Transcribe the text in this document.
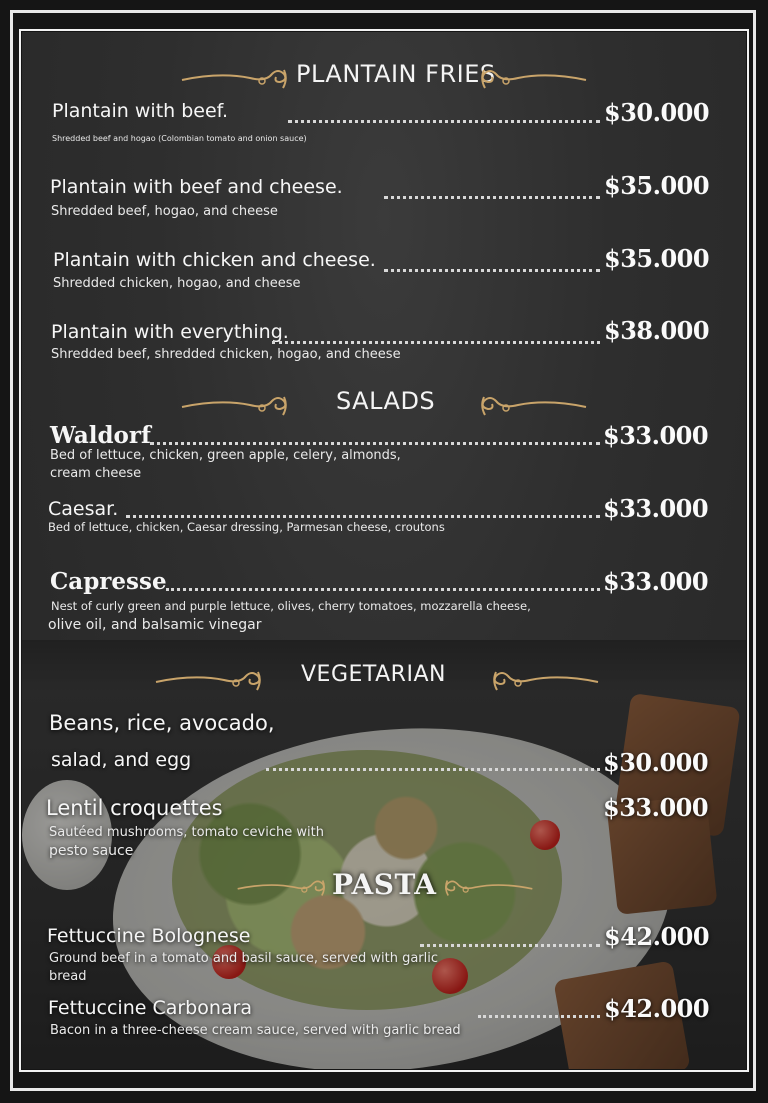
PLANTAIN FRIES
Plantain with beef.	$30.000
Shredded beef and hogao (Colombian tomato and onion sauce)
Plantain with beef and cheese.	$35.000
Shredded beef, hogao, and cheese
Plantain with chicken and cheese.	$35.000
Shredded chicken, hogao, and cheese
Plantain with everything.	$38.000
Shredded beef, shredded chicken, hogao, and cheese
SALADS
Waldorf	$33.000
Bed of lettuce, chicken, green apple, celery, almonds,
cream cheese
Caesar.	$33.000
Bed of lettuce, chicken, Caesar dressing, Parmesan cheese, croutons
Capresse	$33.000
Nest of curly green and purple lettuce, olives, cherry tomatoes, mozzarella cheese,
olive oil, and balsamic vinegar
VEGETARIAN
Beans, rice, avocado,
salad, and egg	$30.000
Lentil croquettes	$33.000
Sautéed mushrooms, tomato ceviche with
pesto sauce
PASTA
Fettuccine Bolognese	$42.000
Ground beef in a tomato and basil sauce, served with garlic
bread
Fettuccine Carbonara	$42.000
Bacon in a three-cheese cream sauce, served with garlic bread
